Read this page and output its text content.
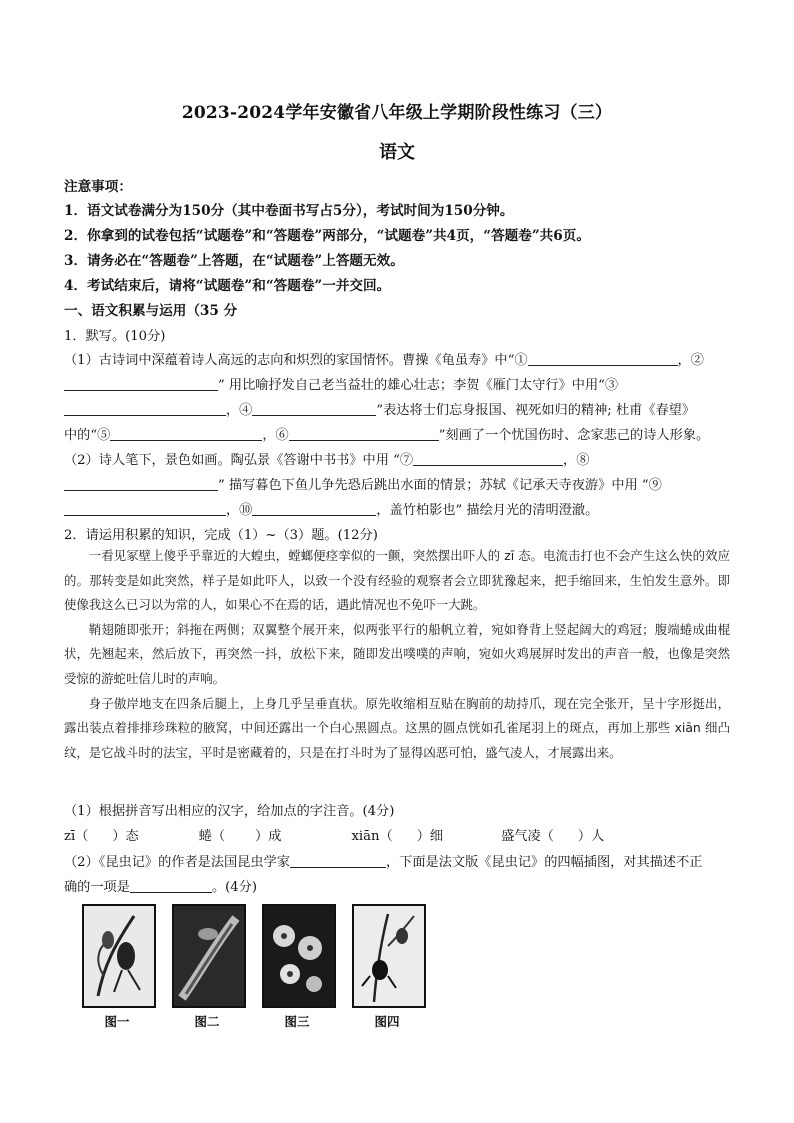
2023-2024学年安徽省八年级上学期阶段性练习（三）
语文
注意事项：
1．语文试卷满分为150分（其中卷面书写占5分），考试时间为150分钟。
2．你拿到的试卷包括“试题卷”和“答题卷”两部分，“试题卷”共4页，“答题卷”共6页。
3．请务必在“答题卷”上答题，在“试题卷”上答题无效。
4．考试结束后，请将“试题卷”和“答题卷”一并交回。
一、语文积累与运用（35 分
1．默写。(10分)
（1）古诗词中深蕴着诗人高远的志向和炽烈的家国情怀。曹操《龟虽寿》中“①	，②
” 用比喻抒发自己老当益壮的雄心壮志；李贺《雁门太守行》中用“③
，④	”表达将士们忘身报国、视死如归的精神; 杜甫《春望》
中的“⑤	，⑥	”刻画了一个忧国伤时、念家悲己的诗人形象。
（2）诗人笔下，景色如画。陶弘景《答谢中书书》中用 “⑦	，⑧
” 描写暮色下鱼儿争先恐后跳出水面的情景；苏轼《记承天寺夜游》中用 “⑨
，⑩	，盖竹柏影也” 描绘月光的清明澄澈。
2．请运用积累的知识，完成（1）~（3）题。(12分)

一看见冢壁上傻乎乎靠近的大蝗虫，螳螂便痉挛似的一颤，突然摆出吓人的 zī 态。电流击打也不会产生这么快的效应的。那转变是如此突然，样子是如此吓人，以致一个没有经验的观察者会立即犹豫起来，把手缩回来，生怕发生意外。即使像我这么已习以为常的人，如果心不在焉的话，遇此情况也不免吓一大跳。

鞘翅随即张开；斜拖在两侧；双翼整个展开来，似两张平行的船帆立着，宛如脊背上竖起阔大的鸡冠；腹端蜷成曲棍状，先翘起来，然后放下，再突然一抖，放松下来，随即发出噗噗的声响，宛如火鸡展屏时发出的声音一般，也像是突然受惊的游蛇吐信儿时的声响。

身子傲岸地支在四条后腿上，上身几乎呈垂直状。原先收缩相互贴在胸前的劫持爪，现在完全张开，呈十字形挺出，露出装点着排排珍珠粒的腋窝，中间还露出一个白心黑圆点。这黑的圆点恍如孔雀尾羽上的斑点，再加上那些 xiān 细凸纹，是它战斗时的法宝，平时是密藏着的，只是在打斗时为了显得凶恶可怕，盛气凌人，才展露出来。

（1）根据拼音写出相应的汉字，给加点的字注音。(4分)
zī（ ）态	蜷（ ）成	xiān（ ）细	盛气凌（ ）人
（2）《昆虫记》的作者是法国昆虫学家	，下面是法文版《昆虫记》的四幅插图，对其描述不正
确的一项是	。(4分)
图一	图二	图三	图四
